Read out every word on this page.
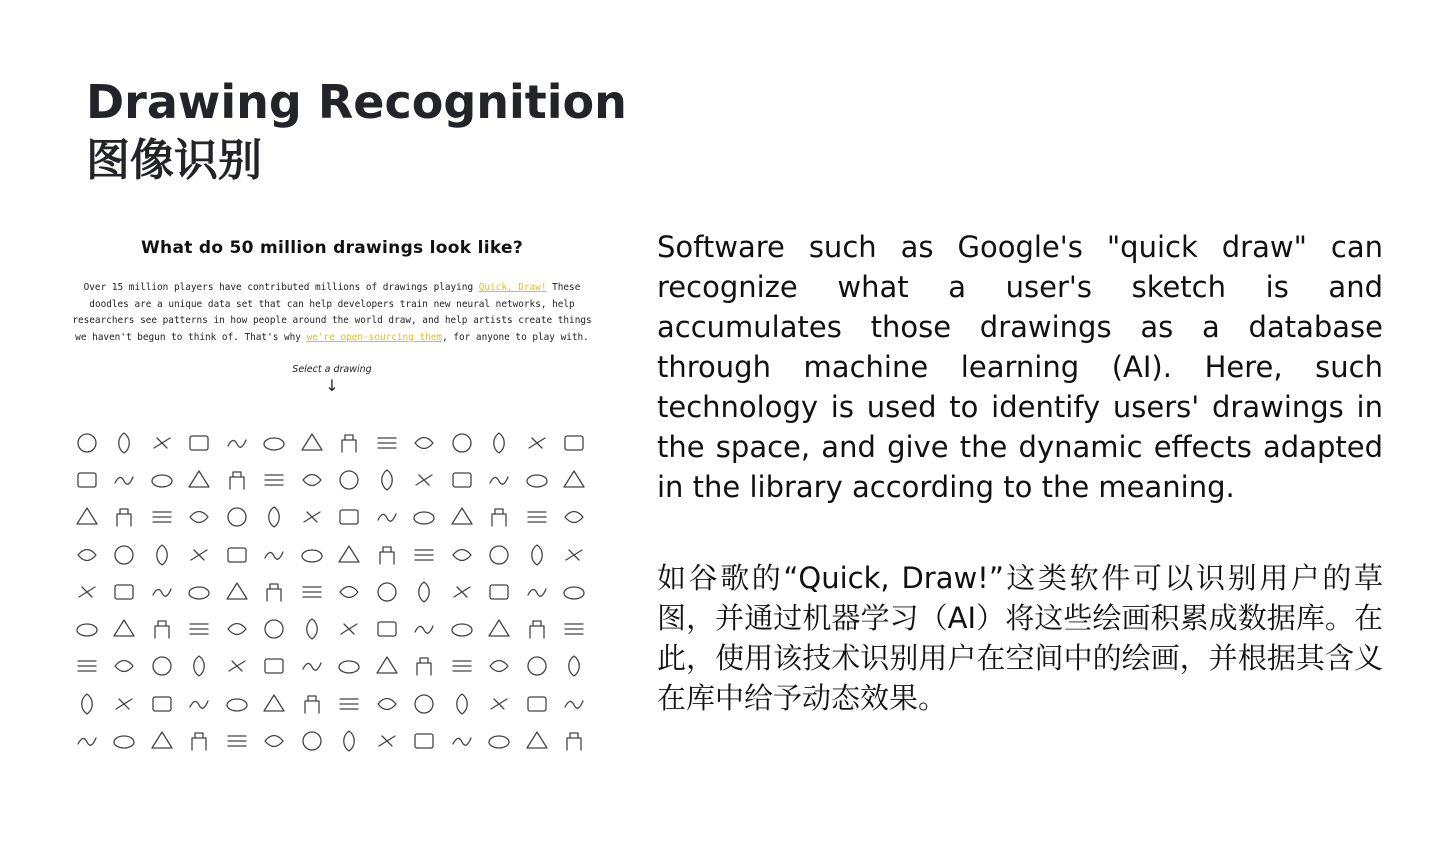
Drawing Recognition
图像识别
What do 50 million drawings look like?
Over 15 million players have contributed millions of drawings playing Quick, Draw! These doodles are a unique data set that can help developers train new neural networks, help researchers see patterns in how people around the world draw, and help artists create things we haven't begun to think of. That's why we're open-sourcing them, for anyone to play with.
Select a drawing
↓
Software such as Google's "quick draw" can recognize what a user's sketch is and accumulates those drawings as a database through machine learning (AI). Here, such technology is used to identify users' drawings in the space, and give the dynamic effects adapted in the library according to the meaning.
如谷歌的“Quick, Draw!”这类软件可以识别用户的草图，并通过机器学习（AI）将这些绘画积累成数据库。在此，使用该技术识别用户在空间中的绘画，并根据其含义在库中给予动态效果。
